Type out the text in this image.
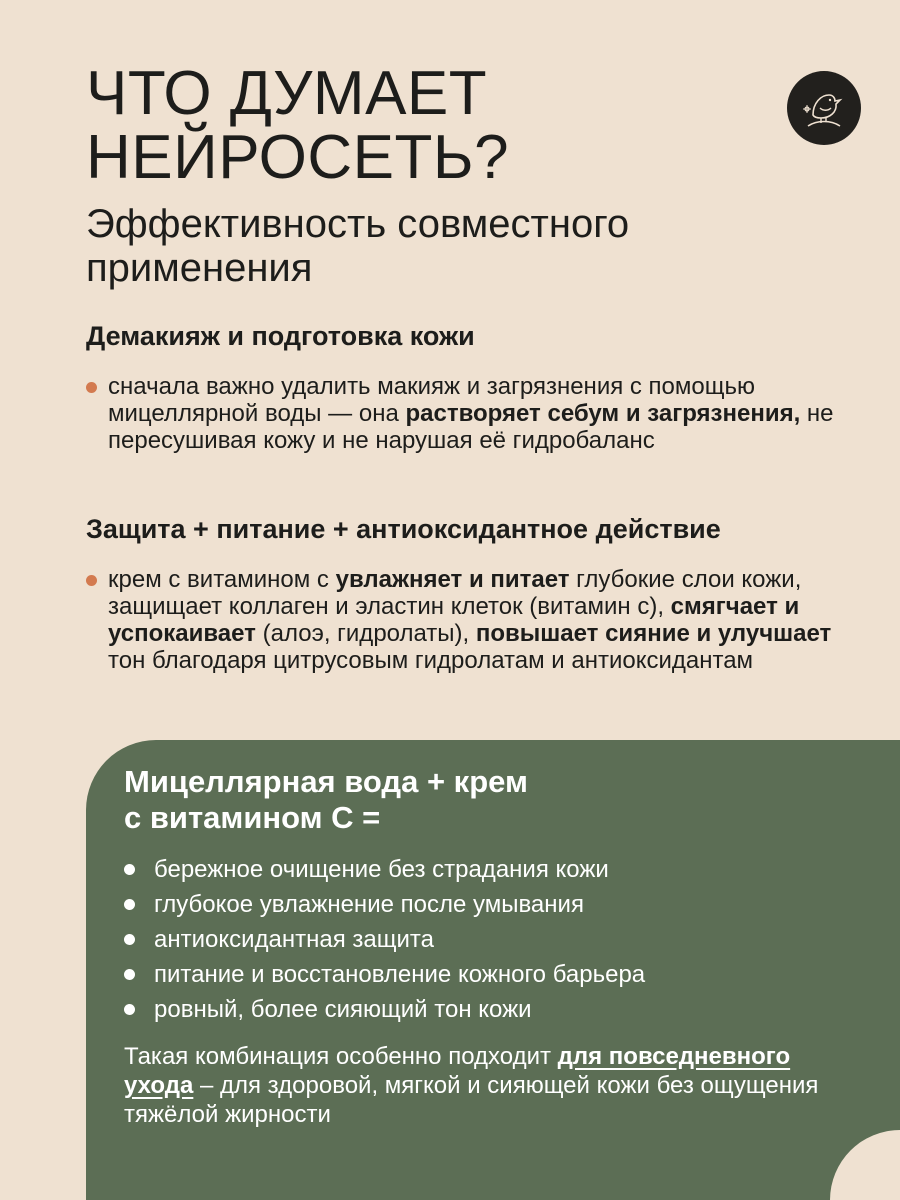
ЧТО ДУМАЕТ
НЕЙРОСЕТЬ?
Эффективность совместного
применения
Демакияж и подготовка кожи
сначала важно удалить макияж и загрязнения с помощью мицеллярной воды — она растворяет себум и загрязнения, не пересушивая кожу и не нарушая её гидробаланс
Защита + питание + антиоксидантное действие
крем с витамином с увлажняет и питает глубокие слои кожи, защищает коллаген и эластин клеток (витамин с), смягчает и успокаивает (алоэ, гидролаты), повышает сияние и улучшает тон благодаря цитрусовым гидролатам и антиоксидантам
Мицеллярная вода + крем
с витамином С =
бережное очищение без страдания кожи
глубокое увлажнение после умывания
антиоксидантная защита
питание и восстановление кожного барьера
ровный, более сияющий тон кожи
Такая комбинация особенно подходит для повседневного ухода – для здоровой, мягкой и сияющей кожи без ощущения тяжёлой жирности
